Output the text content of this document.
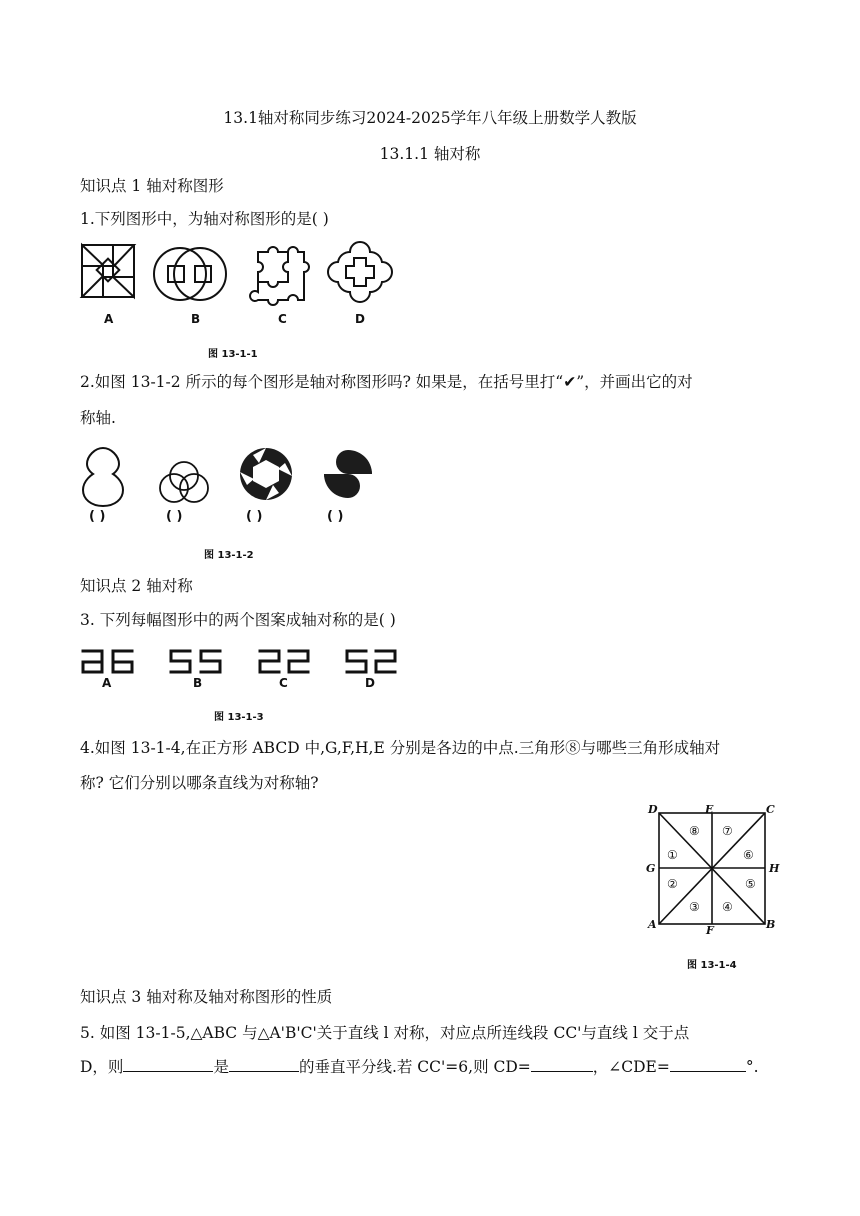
13.1轴对称同步练习2024-2025学年八年级上册数学人教版
13.1.1 轴对称
知识点 1 轴对称图形
1.下列图形中，为轴对称图形的是( )
A	B	C	D
图 13-1-1
2.如图 13-1-2 所示的每个图形是轴对称图形吗? 如果是，在括号里打“✔”，并画出它的对
称轴.
( )	( )	( )	( )
图 13-1-2
知识点 2 轴对称
3. 下列每幅图形中的两个图案成轴对称的是( )
A	B	C	D
图 13-1-3
4.如图 13-1-4,在正方形 ABCD 中,G,F,H,E 分别是各边的中点.三角形⑧与哪些三角形成轴对
称? 它们分别以哪条直线为对称轴?
D	E	C
G	H
A	F	B
⑧ ⑦
①	⑥
②	⑤
③ ④
图 13-1-4
知识点 3 轴对称及轴对称图形的性质
5. 如图 13-1-5,△ABC 与△A'B'C'关于直线 l 对称，对应点所连线段 CC'与直线 l 交于点
D，则	是	的垂直平分线.若 CC'=6,则 CD=	，∠CDE=	°.
